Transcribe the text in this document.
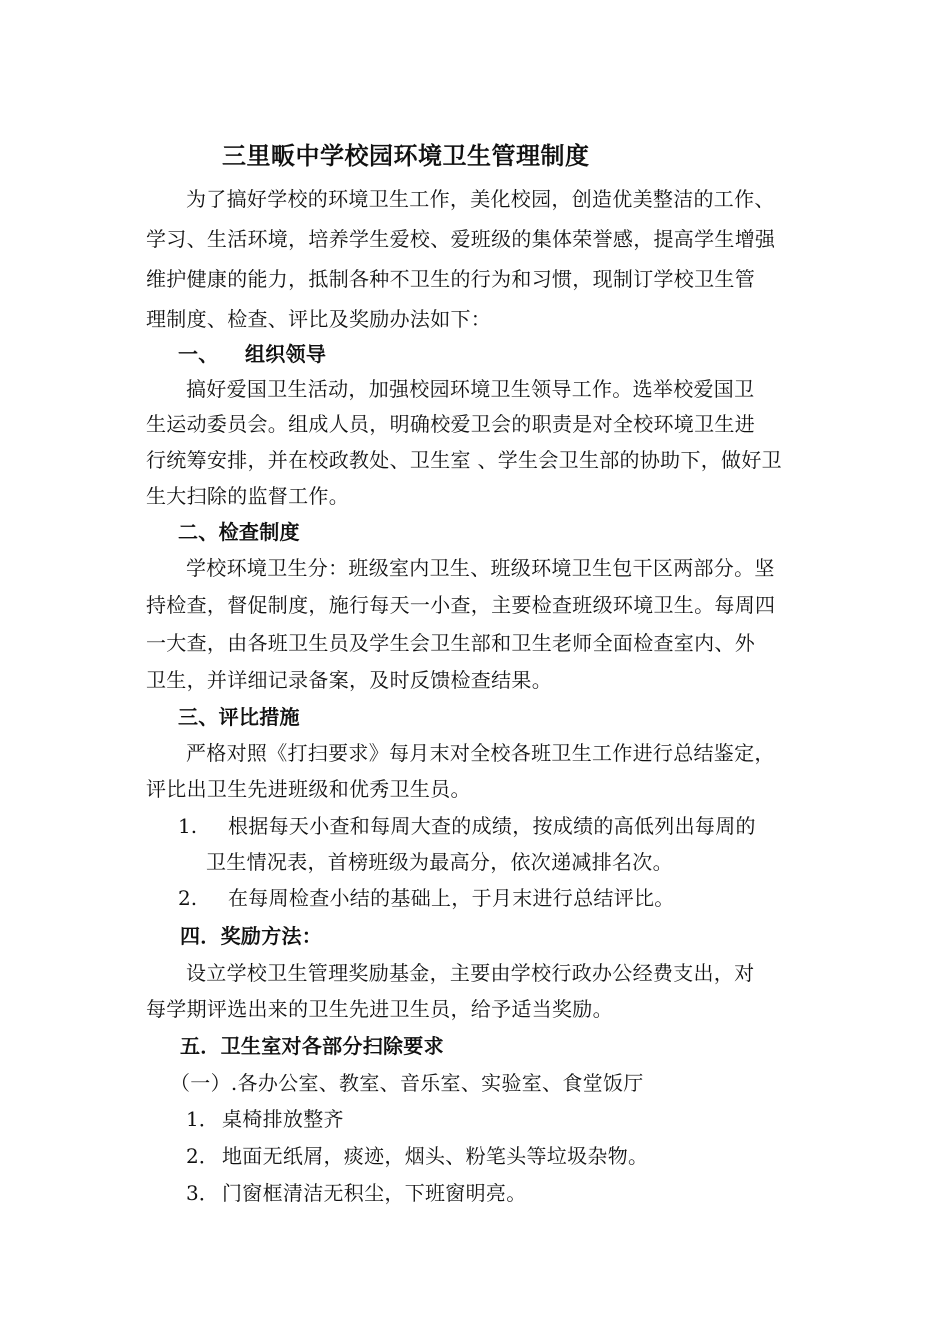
三里畈中学校园环境卫生管理制度
为了搞好学校的环境卫生工作，美化校园，创造优美整洁的工作、
学习、生活环境，培养学生爱校、爱班级的集体荣誉感，提高学生增强
维护健康的能力，抵制各种不卫生的行为和习惯，现制订学校卫生管
理制度、检查、评比及奖励办法如下：
一、 组织领导
搞好爱国卫生活动，加强校园环境卫生领导工作。选举校爱国卫
生运动委员会。组成人员，明确校爱卫会的职责是对全校环境卫生进
行统筹安排，并在校政教处、卫生室 、学生会卫生部的协助下，做好卫
生大扫除的监督工作。
二、检查制度
学校环境卫生分：班级室内卫生、班级环境卫生包干区两部分。坚
持检查，督促制度，施行每天一小查，主要检查班级环境卫生。每周四
一大查，由各班卫生员及学生会卫生部和卫生老师全面检查室内、外
卫生，并详细记录备案，及时反馈检查结果。
三、评比措施
严格对照《打扫要求》每月末对全校各班卫生工作进行总结鉴定，
评比出卫生先进班级和优秀卫生员。
1. 根据每天小查和每周大查的成绩，按成绩的高低列出每周的
卫生情况表，首榜班级为最高分，依次递减排名次。
2. 在每周检查小结的基础上，于月末进行总结评比。
四．奖励方法：
设立学校卫生管理奖励基金，主要由学校行政办公经费支出，对
每学期评选出来的卫生先进卫生员，给予适当奖励。
五．卫生室对各部分扫除要求
（一）.各办公室、教室、音乐室、实验室、食堂饭厅
1． 桌椅排放整齐
2． 地面无纸屑，痰迹，烟头、粉笔头等垃圾杂物。
3． 门窗框清洁无积尘，下班窗明亮。
